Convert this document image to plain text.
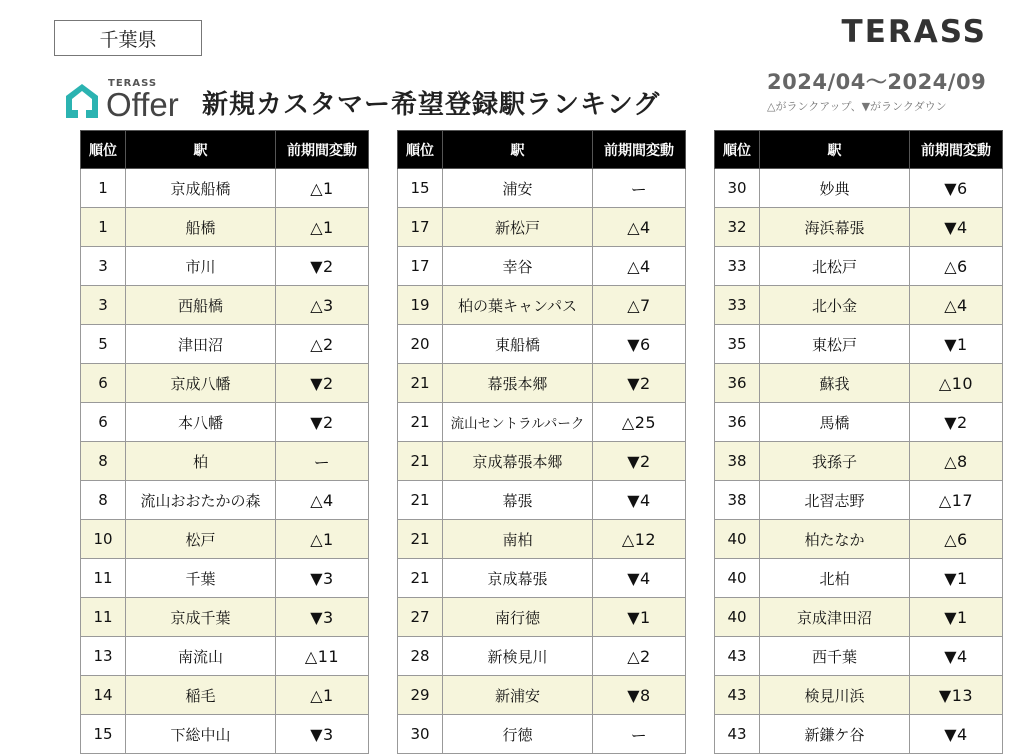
千葉県	TERASS
TERASS
Offer 新規カスタマー希望登録駅ランキング
2024/04～2024/09
△がランクアップ、▼がランクダウン
順位	駅	前期間変動
1	京成船橋	△1
1	船橋	△1
3	市川	▼2
3	西船橋	△3
5	津田沼	△2
6	京成八幡	▼2
6	本八幡	▼2
8	柏	ー
8	流山おおたかの森	△4
10	松戸	△1
11	千葉	▼3
11	京成千葉	▼3
13	南流山	△11
14	稲毛	△1
15	下総中山	▼3
順位	駅	前期間変動
15	浦安	ー
17	新松戸	△4
17	幸谷	△4
19	柏の葉キャンパス	△7
20	東船橋	▼6
21	幕張本郷	▼2
21	流山セントラルパーク	△25
21	京成幕張本郷	▼2
21	幕張	▼4
21	南柏	△12
21	京成幕張	▼4
27	南行徳	▼1
28	新検見川	△2
29	新浦安	▼8
30	行徳	ー
順位	駅	前期間変動
30	妙典	▼6
32	海浜幕張	▼4
33	北松戸	△6
33	北小金	△4
35	東松戸	▼1
36	蘇我	△10
36	馬橋	▼2
38	我孫子	△8
38	北習志野	△17
40	柏たなか	△6
40	北柏	▼1
40	京成津田沼	▼1
43	西千葉	▼4
43	検見川浜	▼13
43	新鎌ケ谷	▼4
